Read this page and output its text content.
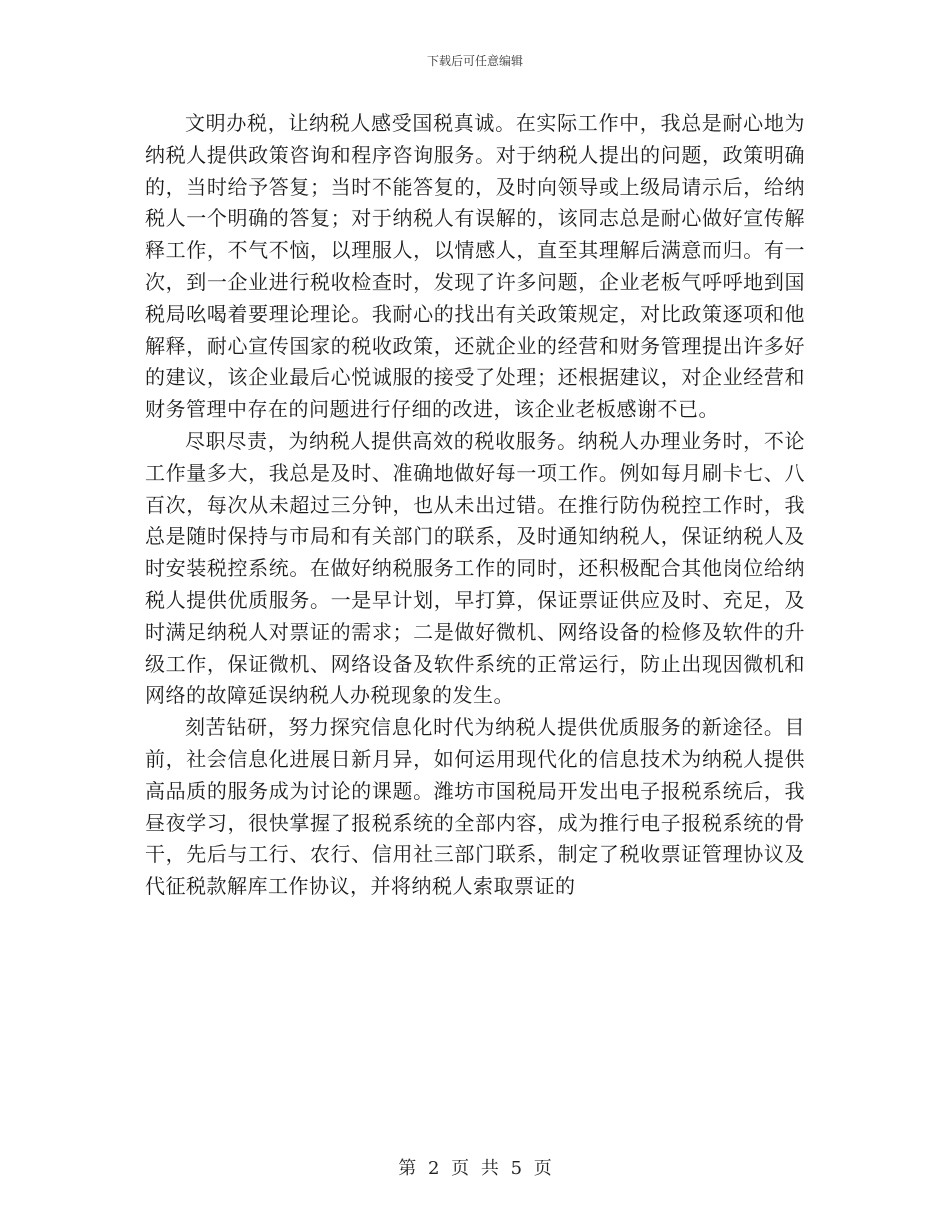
下载后可任意编辑

文明办税，让纳税人感受国税真诚。在实际工作中，我总是耐心地为纳税人提供政策咨询和程序咨询服务。对于纳税人提出的问题，政策明确的，当时给予答复；当时不能答复的，及时向领导或上级局请示后，给纳税人一个明确的答复；对于纳税人有误解的，该同志总是耐心做好宣传解释工作，不气不恼，以理服人，以情感人，直至其理解后满意而归。有一次，到一企业进行税收检查时，发现了许多问题，企业老板气呼呼地到国税局吆喝着要理论理论。我耐心的找出有关政策规定，对比政策逐项和他解释，耐心宣传国家的税收政策，还就企业的经营和财务管理提出许多好的建议，该企业最后心悦诚服的接受了处理；还根据建议，对企业经营和财务管理中存在的问题进行仔细的改进，该企业老板感谢不已。

尽职尽责，为纳税人提供高效的税收服务。纳税人办理业务时，不论工作量多大，我总是及时、准确地做好每一项工作。例如每月刷卡七、八百次，每次从未超过三分钟，也从未出过错。在推行防伪税控工作时，我总是随时保持与市局和有关部门的联系，及时通知纳税人，保证纳税人及时安装税控系统。在做好纳税服务工作的同时，还积极配合其他岗位给纳税人提供优质服务。一是早计划，早打算，保证票证供应及时、充足，及时满足纳税人对票证的需求；二是做好微机、网络设备的检修及软件的升级工作，保证微机、网络设备及软件系统的正常运行，防止出现因微机和网络的故障延误纳税人办税现象的发生。

刻苦钻研，努力探究信息化时代为纳税人提供优质服务的新途径。目前，社会信息化进展日新月异，如何运用现代化的信息技术为纳税人提供高品质的服务成为讨论的课题。潍坊市国税局开发出电子报税系统后，我昼夜学习，很快掌握了报税系统的全部内容，成为推行电子报税系统的骨干，先后与工行、农行、信用社三部门联系，制定了税收票证管理协议及代征税款解库工作协议，并将纳税人索取票证的

第 2 页 共 5 页
